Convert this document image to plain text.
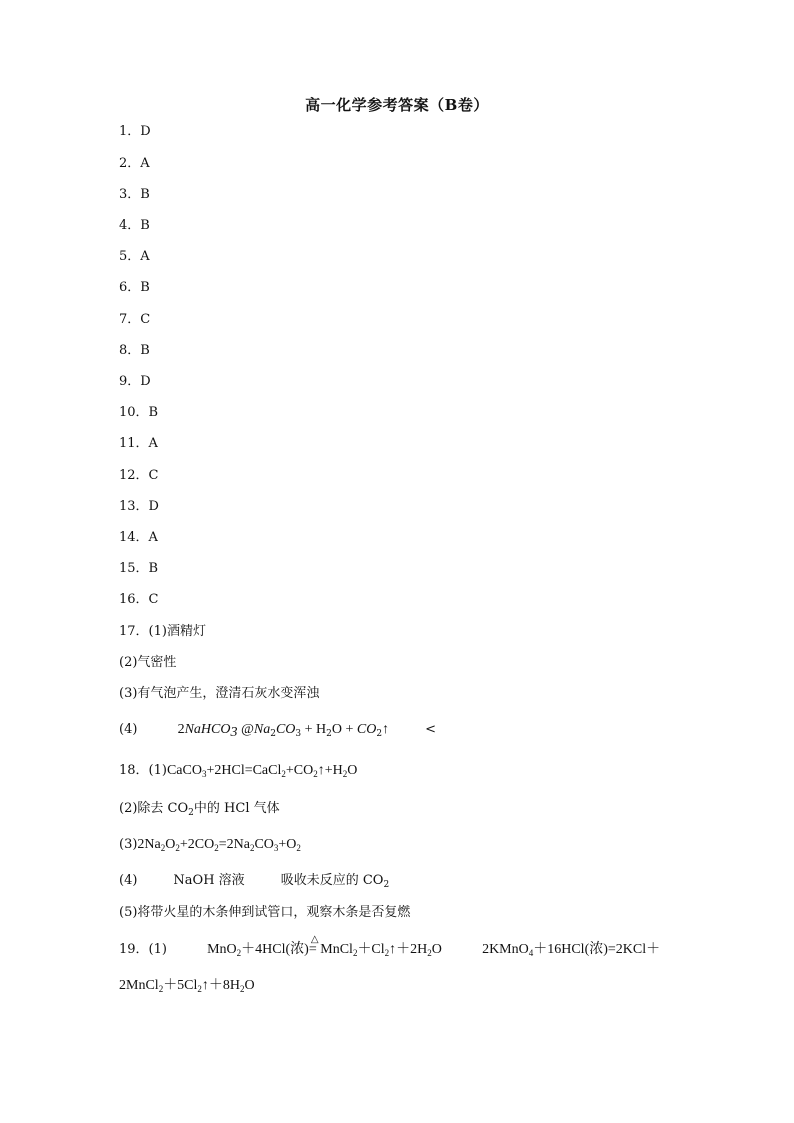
高一化学参考答案（B卷）
1．D
2．A
3．B
4．B
5．A
6．B
7．C
8．B
9．D
10．B
11．A
12．C
13．D
14．A
15．B
16．C
17．(1)酒精灯
(2)气密性
(3)有气泡产生，澄清石灰水变浑浊
(4)	2NaHCO$_3$ $@Na_2CO_3 + H_2O$ + $CO_2↑$	<
18．$(1)CaCO_3+2HCl=CaCl_2+CO_2↑+H_2O$
(2)除去 $CO_2$中的 HCl 气体
$(3)2Na_2O_2+2CO_2=2Na_2CO_3+O_2$
(4)	NaOH 溶液	吸收未反应的 $CO_2$
(5)将带火星的木条伸到试管口，观察木条是否复燃
19．(1)	MnO$_2$＋4HCl(浓)
△
= $MnCl_2+Cl_2↑+2H_2O$	2KMnO$_4$＋16HCl(浓)=2KCl＋
$2MnCl_2+5Cl_2↑+8H_2O$
